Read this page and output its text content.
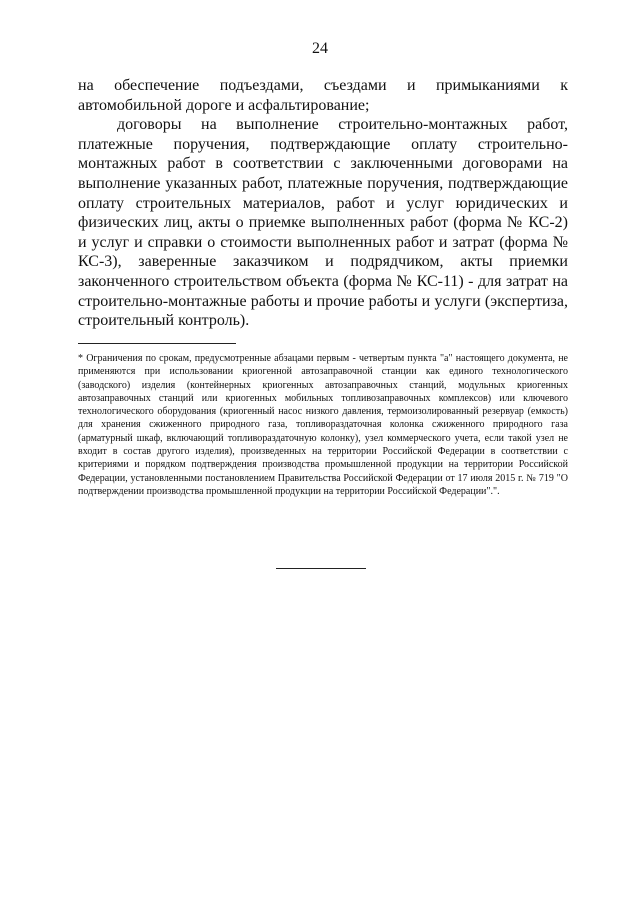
24

на обеспечение подъездами, съездами и примыканиями к автомобильной дороге и асфальтирование;

договоры на выполнение строительно-монтажных работ, платежные поручения, подтверждающие оплату строительно-монтажных работ в соответствии с заключенными договорами на выполнение указанных работ, платежные поручения, подтверждающие оплату строительных материалов, работ и услуг юридических и физических лиц, акты о приемке выполненных работ (форма № КС-2) и услуг и справки о стоимости выполненных работ и затрат (форма № КС-3), заверенные заказчиком и подрядчиком, акты приемки законченного строительством объекта (форма № КС-11) - для затрат на строительно-монтажные работы и прочие работы и услуги (экспертиза, строительный контроль).

* Ограничения по срокам, предусмотренные абзацами первым - четвертым пункта "а" настоящего документа, не применяются при использовании криогенной автозаправочной станции как единого технологического (заводского) изделия (контейнерных криогенных автозаправочных станций, модульных криогенных автозаправочных станций или криогенных мобильных топливозаправочных комплексов) или ключевого технологического оборудования (криогенный насос низкого давления, термоизолированный резервуар (емкость) для хранения сжиженного природного газа, топливораздаточная колонка сжиженного природного газа (арматурный шкаф, включающий топливораздаточную колонку), узел коммерческого учета, если такой узел не входит в состав другого изделия), произведенных на территории Российской Федерации в соответствии с критериями и порядком подтверждения производства промышленной продукции на территории Российской Федерации, установленными постановлением Правительства Российской Федерации от 17 июля 2015 г. № 719 "О подтверждении производства промышленной продукции на территории Российской Федерации".".
